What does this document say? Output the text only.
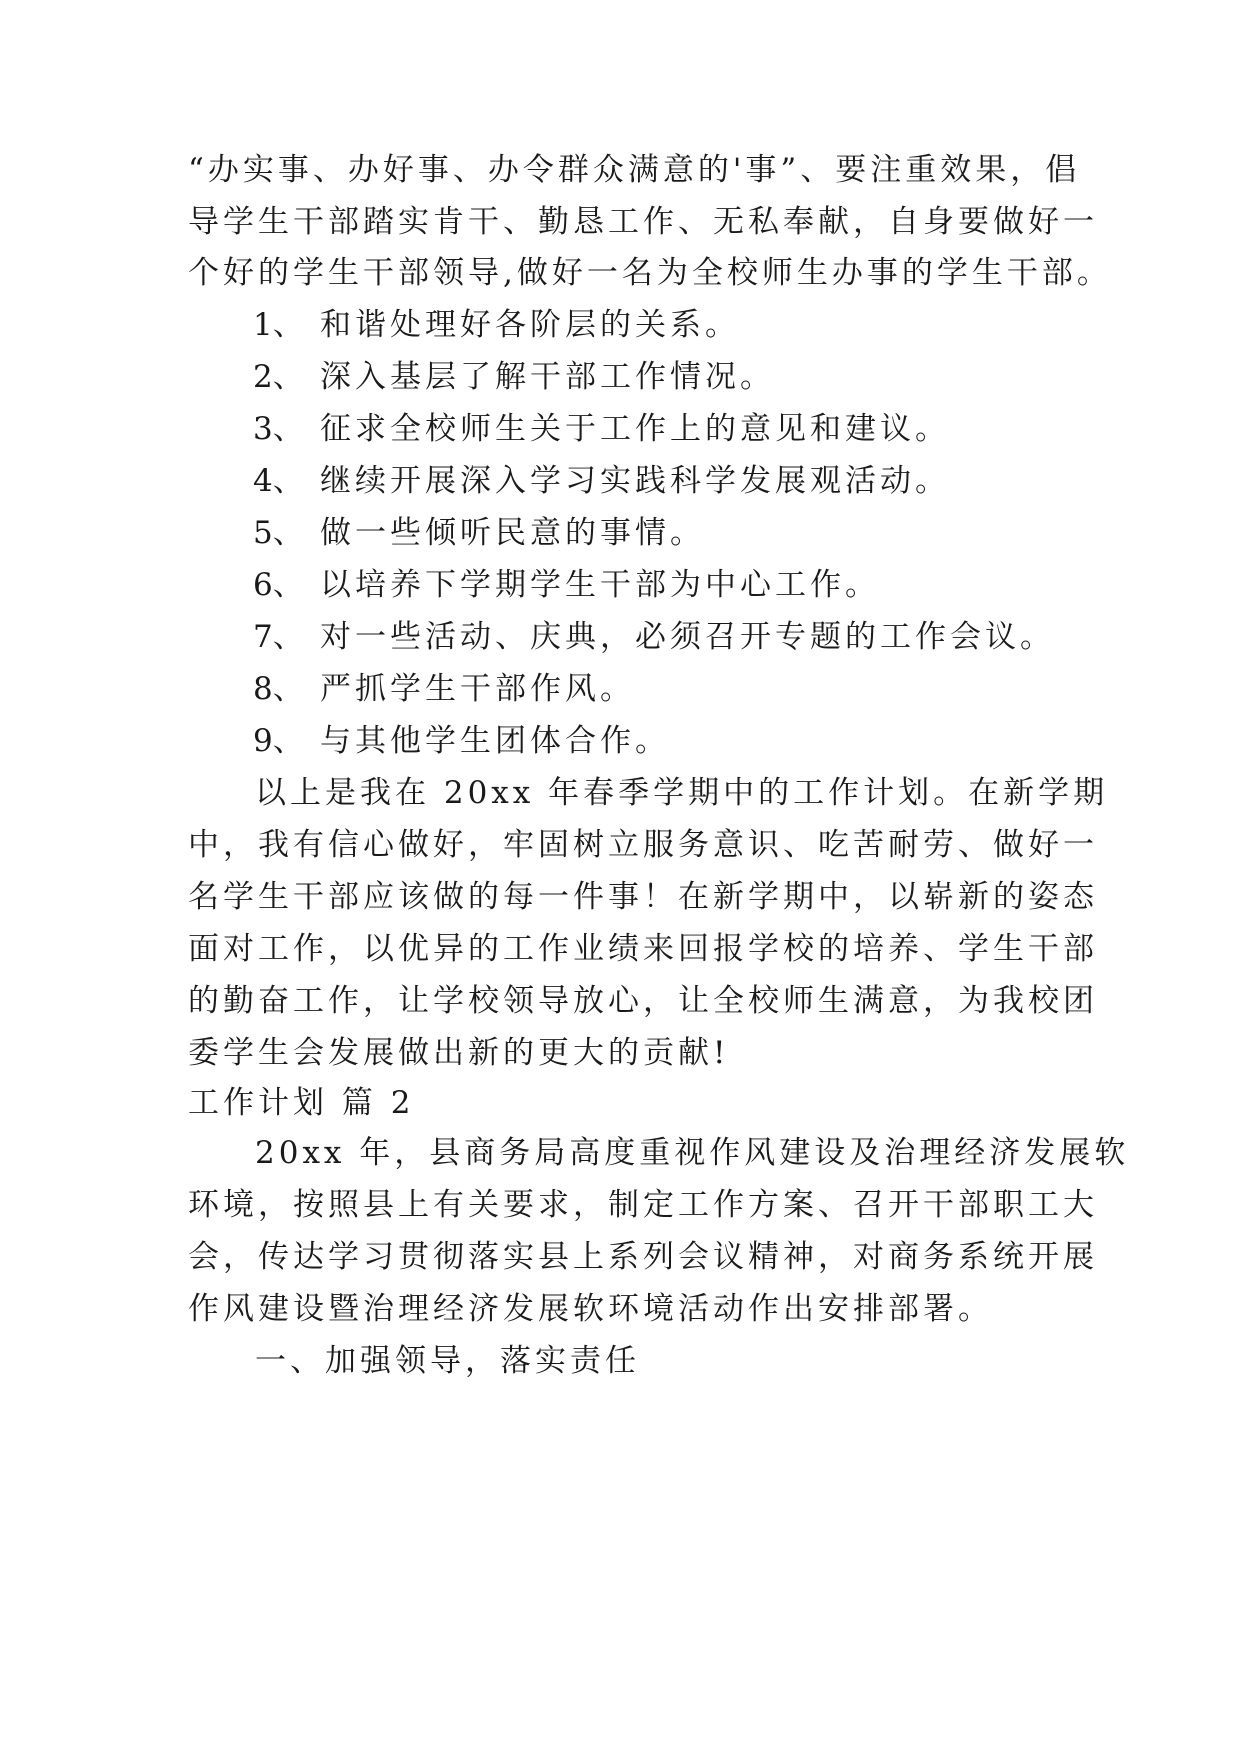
“办实事、办好事、办令群众满意的'事”、要注重效果，倡
导学生干部踏实肯干、勤恳工作、无私奉献，自身要做好一
个好的学生干部领导,做好一名为全校师生办事的学生干部。
1、 和谐处理好各阶层的关系。
2、 深入基层了解干部工作情况。
3、 征求全校师生关于工作上的意见和建议。
4、 继续开展深入学习实践科学发展观活动。
5、 做一些倾听民意的事情。
6、 以培养下学期学生干部为中心工作。
7、 对一些活动、庆典，必须召开专题的工作会议。
8、 严抓学生干部作风。
9、 与其他学生团体合作。
以上是我在 20xx 年春季学期中的工作计划。在新学期
中，我有信心做好，牢固树立服务意识、吃苦耐劳、做好一
名学生干部应该做的每一件事！在新学期中，以崭新的姿态
面对工作，以优异的工作业绩来回报学校的培养、学生干部
的勤奋工作，让学校领导放心，让全校师生满意，为我校团
委学生会发展做出新的更大的贡献!
工作计划 篇 2
20xx 年，县商务局高度重视作风建设及治理经济发展软
环境，按照县上有关要求，制定工作方案、召开干部职工大
会，传达学习贯彻落实县上系列会议精神，对商务系统开展
作风建设暨治理经济发展软环境活动作出安排部署。
一、加强领导，落实责任
